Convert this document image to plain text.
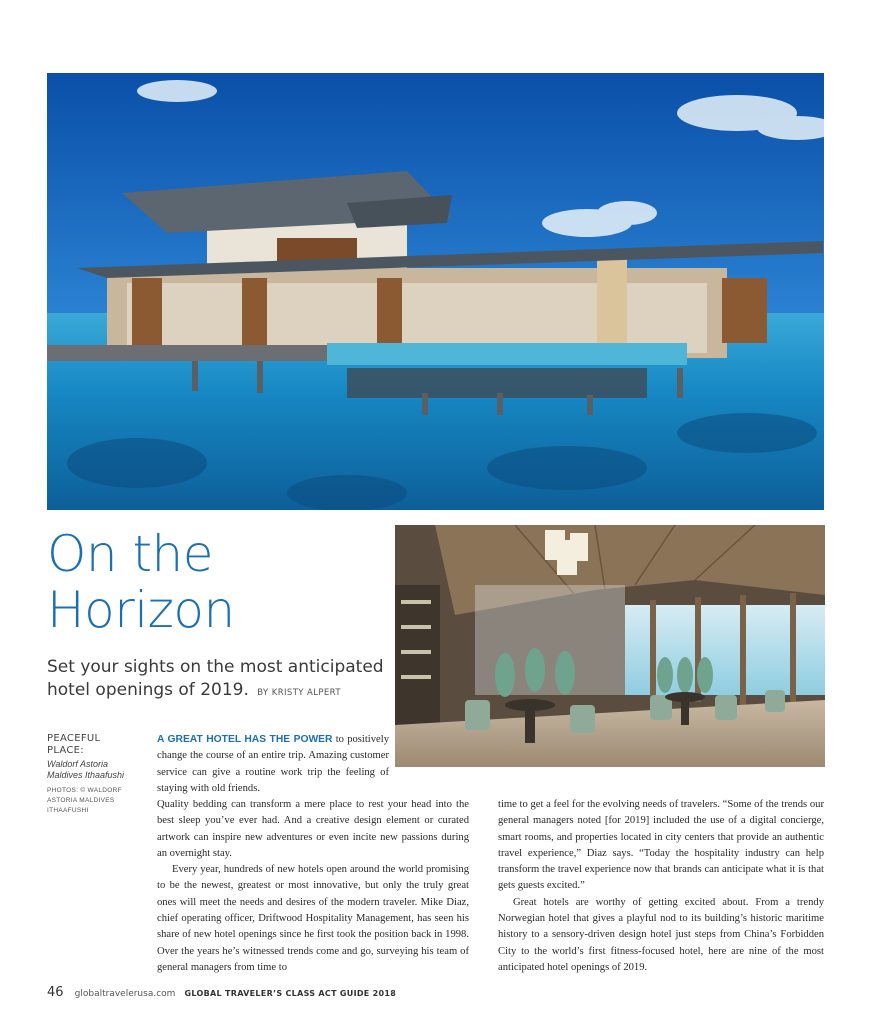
On the
Horizon

Set your sights on the most anticipated hotel openings of 2019. BY KRISTY ALPERT

PEACEFUL
PLACE:
Waldorf Astoria
Maldives Ithaafushi
PHOTOS: © WALDORF
ASTORIA MALDIVES
ITHAAFUSHI

A GREAT HOTEL HAS THE POWER to positively change the course of an entire trip. Amazing customer service can give a routine work trip the feeling of staying with old friends.

Quality bedding can transform a mere place to rest your head into the best sleep you’ve ever had. And a creative design element or curated artwork can inspire new adventures or even incite new passions during an overnight stay.

Every year, hundreds of new hotels open around the world promising to be the newest, greatest or most innovative, but only the truly great ones will meet the needs and desires of the modern traveler. Mike Diaz, chief operating officer, Driftwood Hospitality Management, has seen his share of new hotel openings since he first took the position back in 1998. Over the years he’s witnessed trends come and go, surveying his team of general managers from time to

time to get a feel for the evolving needs of travelers. “Some of the trends our general managers noted [for 2019] included the use of a digital concierge, smart rooms, and properties located in city centers that provide an authentic travel experience,” Diaz says. “Today the hospitality industry can help transform the travel experience now that brands can anticipate what it is that gets guests excited.”

Great hotels are worthy of getting excited about. From a trendy Norwegian hotel that gives a playful nod to its building’s historic maritime history to a sensory-driven design hotel just steps from China’s Forbidden City to the world’s first fitness-focused hotel, here are nine of the most anticipated hotel openings of 2019.

46 globaltravelerusa.com GLOBAL TRAVELER’S CLASS ACT GUIDE 2018
